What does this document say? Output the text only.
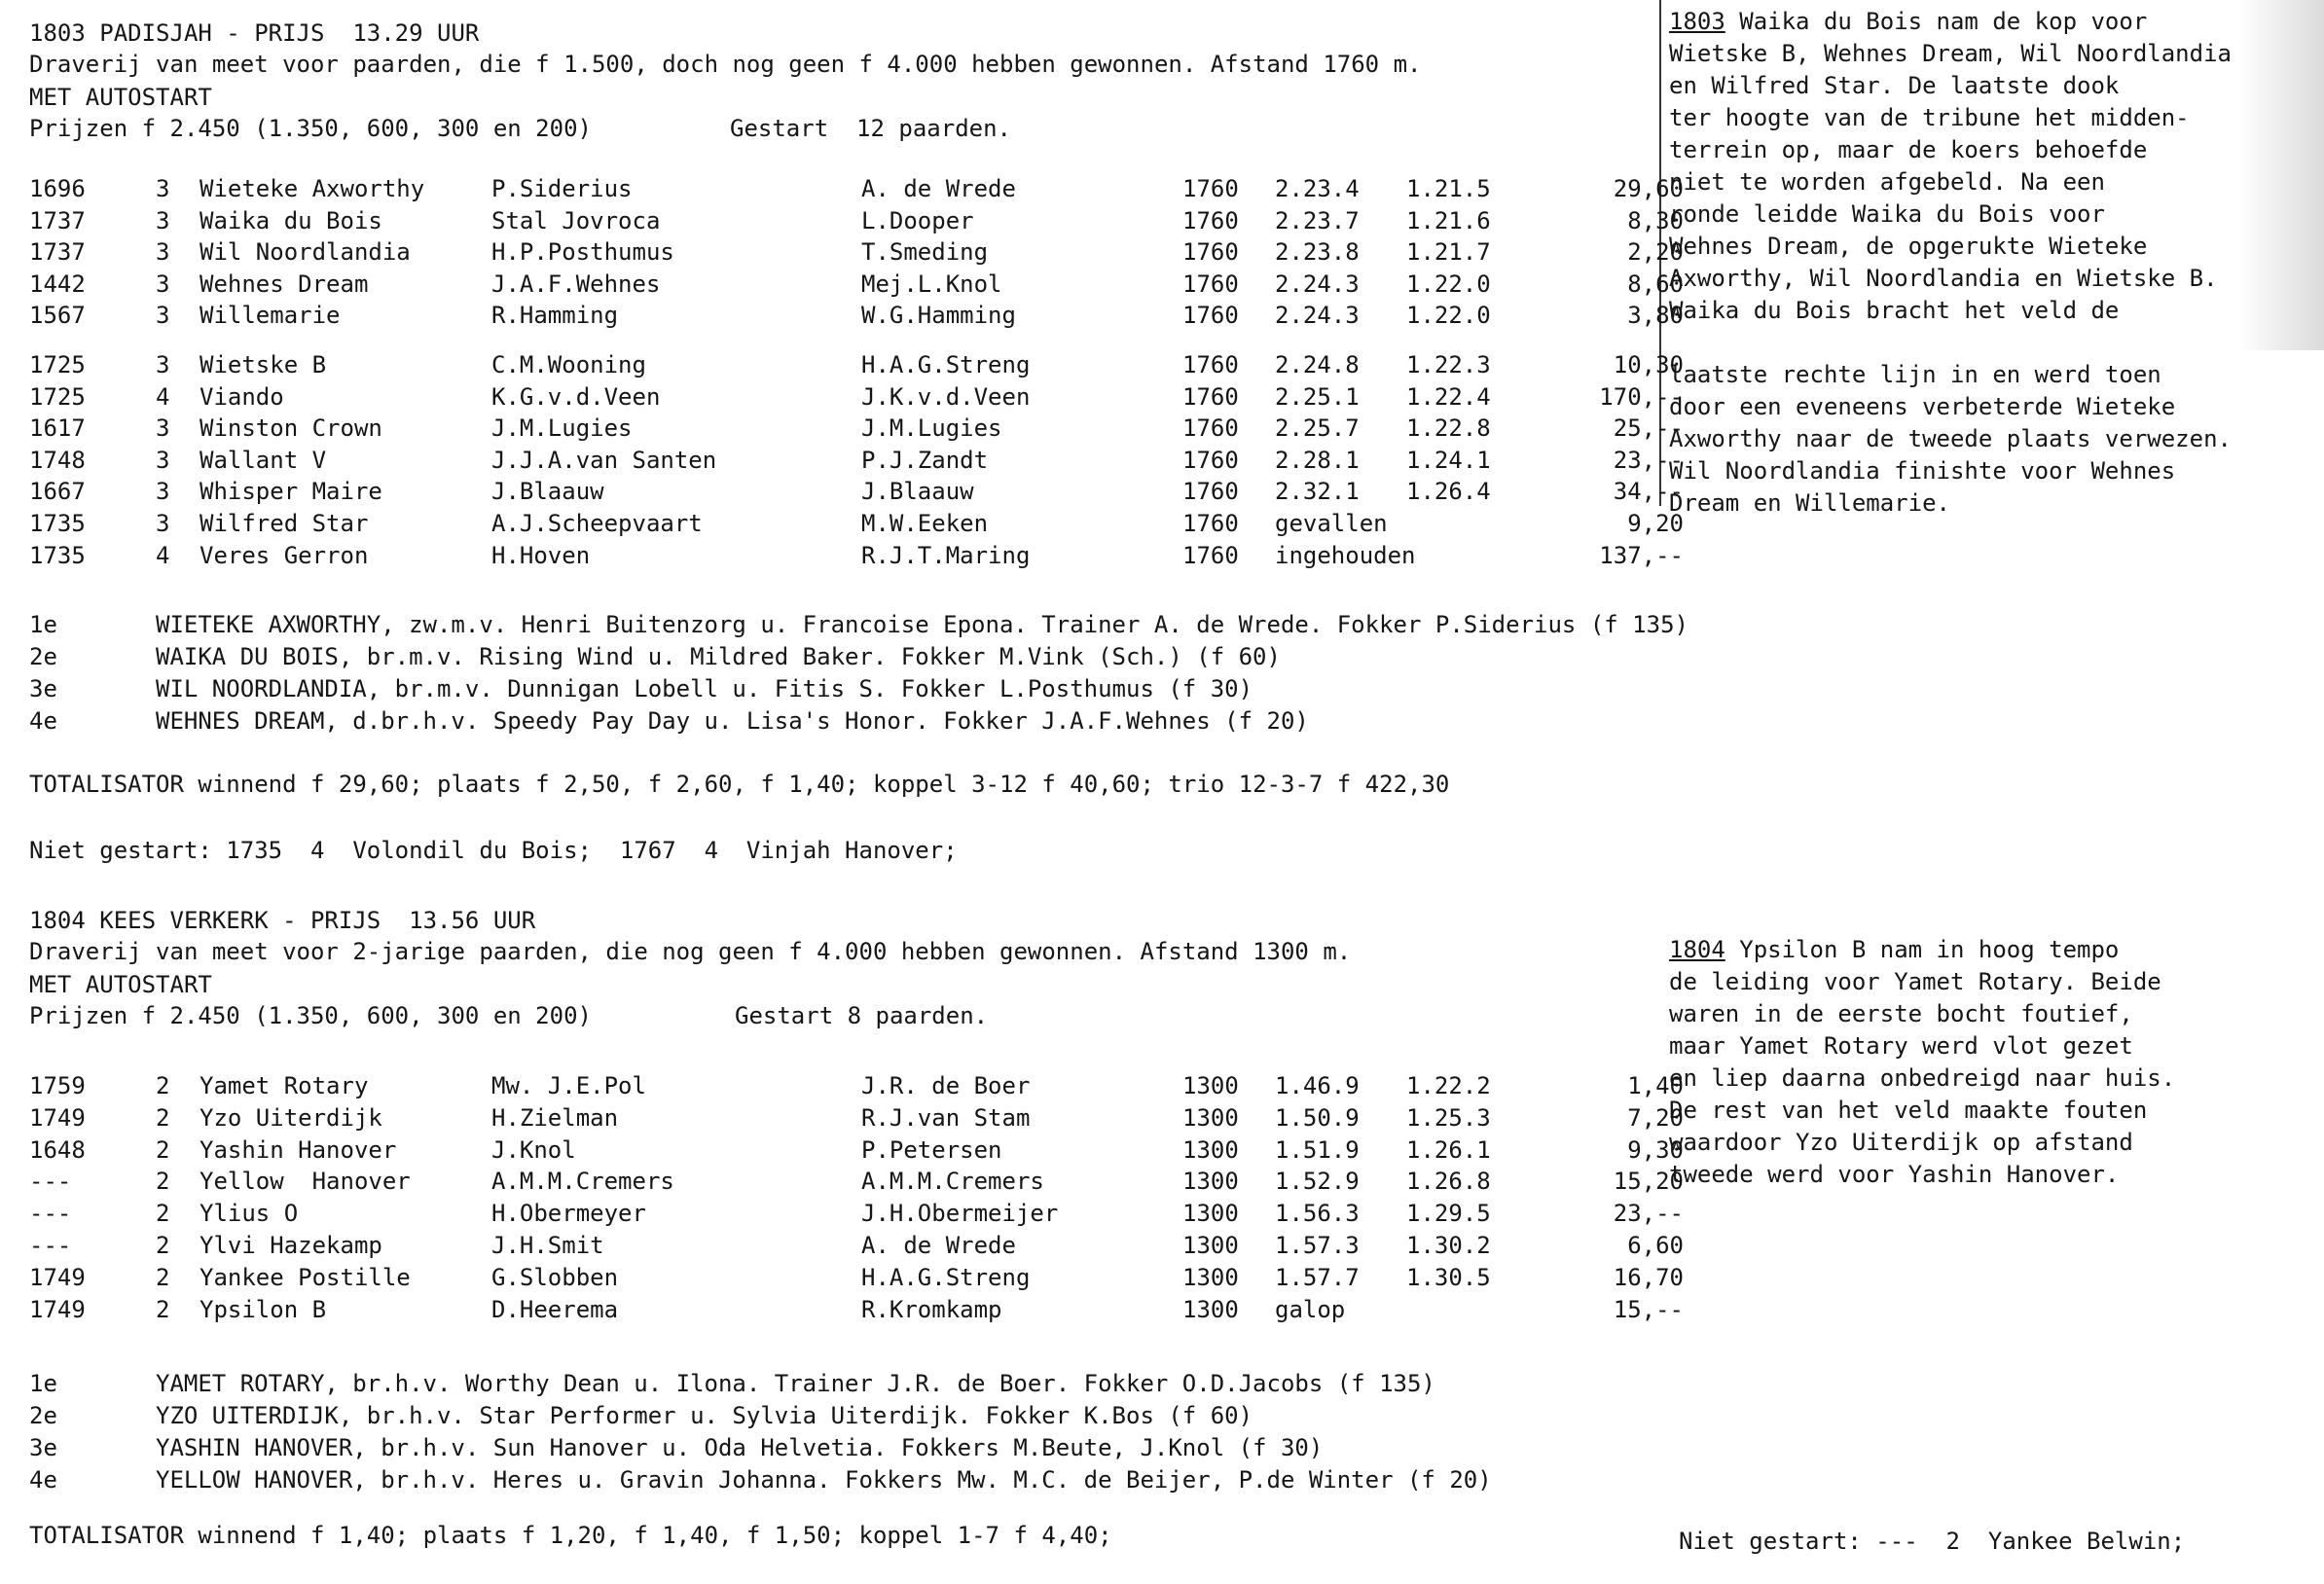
1803 PADISJAH - PRIJS  13.29 UUR
Draverij van meet voor paarden, die f 1.500, doch nog geen f 4.000 hebben gewonnen. Afstand 1760 m.
MET AUTOSTART
Prijzen f 2.450 (1.350, 600, 300 en 200)	Gestart  12 paarden.
1696	3 Wieteke Axworthy	P.Siderius	A. de Wrede	1760 2.23.4 1.21.5	29,60
1737	3 Waika du Bois	Stal Jovroca	L.Dooper	1760 2.23.7 1.21.6	8,30
1737	3 Wil Noordlandia	H.P.Posthumus	T.Smeding	1760 2.23.8 1.21.7	2,20
1442	3 Wehnes Dream	J.A.F.Wehnes	Mej.L.Knol	1760 2.24.3 1.22.0	8,60
1567	3 Willemarie	R.Hamming	W.G.Hamming	1760 2.24.3 1.22.0	3,80
1725	3 Wietske B	C.M.Wooning	H.A.G.Streng	1760 2.24.8 1.22.3	10,30
1725	4 Viando	K.G.v.d.Veen	J.K.v.d.Veen	1760 2.25.1 1.22.4	170,--
1617	3 Winston Crown	J.M.Lugies	J.M.Lugies	1760 2.25.7 1.22.8	25,--
1748	3 Wallant V	J.J.A.van Santen	P.J.Zandt	1760 2.28.1 1.24.1	23,--
1667	3 Whisper Maire	J.Blaauw	J.Blaauw	1760 2.32.1 1.26.4	34,--
1735	3 Wilfred Star	A.J.Scheepvaart	M.W.Eeken	1760 gevallen	9,20
1735	4 Veres Gerron	H.Hoven	R.J.T.Maring	1760 ingehouden	137,--
1e	WIETEKE AXWORTHY, zw.m.v. Henri Buitenzorg u. Francoise Epona. Trainer A. de Wrede. Fokker P.Siderius (f 135)
2e	WAIKA DU BOIS, br.m.v. Rising Wind u. Mildred Baker. Fokker M.Vink (Sch.) (f 60)
3e	WIL NOORDLANDIA, br.m.v. Dunnigan Lobell u. Fitis S. Fokker L.Posthumus (f 30)
4e	WEHNES DREAM, d.br.h.v. Speedy Pay Day u. Lisa's Honor. Fokker J.A.F.Wehnes (f 20)
TOTALISATOR winnend f 29,60; plaats f 2,50, f 2,60, f 1,40; koppel 3-12 f 40,60; trio 12-3-7 f 422,30
Niet gestart: 1735  4  Volondil du Bois;  1767  4  Vinjah Hanover;
1803 Waika du Bois nam de kop voor
Wietske B, Wehnes Dream, Wil Noordlandia
en Wilfred Star. De laatste dook
ter hoogte van de tribune het midden-
terrein op, maar de koers behoefde
niet te worden afgebeld. Na een
ronde leidde Waika du Bois voor
Wehnes Dream, de opgerukte Wieteke
Axworthy, Wil Noordlandia en Wietske B.
Waika du Bois bracht het veld de
laatste rechte lijn in en werd toen
door een eveneens verbeterde Wieteke
Axworthy naar de tweede plaats verwezen.
Wil Noordlandia finishte voor Wehnes
Dream en Willemarie.
1804 KEES VERKERK - PRIJS  13.56 UUR
Draverij van meet voor 2-jarige paarden, die nog geen f 4.000 hebben gewonnen. Afstand 1300 m.
MET AUTOSTART
Prijzen f 2.450 (1.350, 600, 300 en 200)	Gestart 8 paarden.
1759	2 Yamet Rotary	Mw. J.E.Pol	J.R. de Boer	1300 1.46.9 1.22.2	1,40
1749	2 Yzo Uiterdijk	H.Zielman	R.J.van Stam	1300 1.50.9 1.25.3	7,20
1648	2 Yashin Hanover	J.Knol	P.Petersen	1300 1.51.9 1.26.1	9,30
---	2 Yellow  Hanover	A.M.M.Cremers	A.M.M.Cremers	1300 1.52.9 1.26.8	15,20
---	2 Ylius O	H.Obermeyer	J.H.Obermeijer	1300 1.56.3 1.29.5	23,--
---	2 Ylvi Hazekamp	J.H.Smit	A. de Wrede	1300 1.57.3 1.30.2	6,60
1749	2 Yankee Postille	G.Slobben	H.A.G.Streng	1300 1.57.7 1.30.5	16,70
1749	2 Ypsilon B	D.Heerema	R.Kromkamp	1300 galop	15,--
1e	YAMET ROTARY, br.h.v. Worthy Dean u. Ilona. Trainer J.R. de Boer. Fokker O.D.Jacobs (f 135)
2e	YZO UITERDIJK, br.h.v. Star Performer u. Sylvia Uiterdijk. Fokker K.Bos (f 60)
3e	YASHIN HANOVER, br.h.v. Sun Hanover u. Oda Helvetia. Fokkers M.Beute, J.Knol (f 30)
4e	YELLOW HANOVER, br.h.v. Heres u. Gravin Johanna. Fokkers Mw. M.C. de Beijer, P.de Winter (f 20)
TOTALISATOR winnend f 1,40; plaats f 1,20, f 1,40, f 1,50; koppel 1-7 f 4,40;	Niet gestart: ---  2  Yankee Belwin;
1804 Ypsilon B nam in hoog tempo
de leiding voor Yamet Rotary. Beide
waren in de eerste bocht foutief,
maar Yamet Rotary werd vlot gezet
en liep daarna onbedreigd naar huis.
De rest van het veld maakte fouten
waardoor Yzo Uiterdijk op afstand
tweede werd voor Yashin Hanover.
